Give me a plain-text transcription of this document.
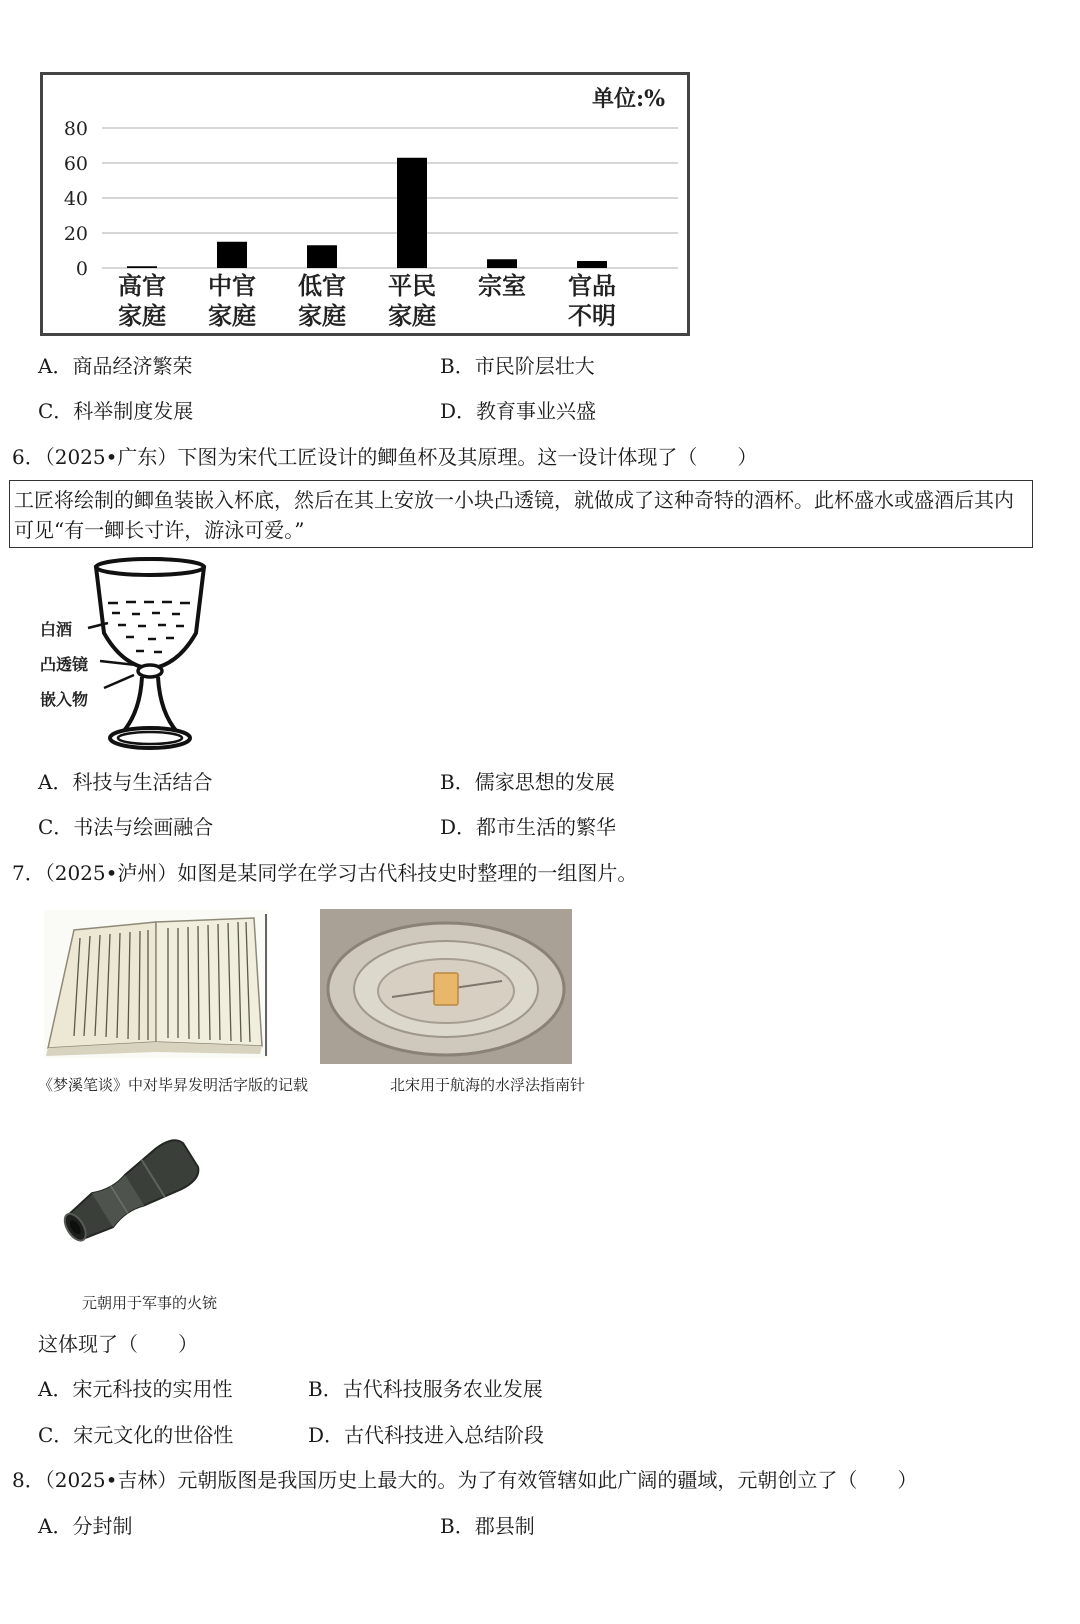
单位:%
0
20
40
60
80
高官
家庭
中官
家庭
低官
家庭
平民
家庭
宗室 官品
不明
A．商品经济繁荣	B．市民阶层壮大
C．科举制度发展	D．教育事业兴盛
6．（2025•广东）下图为宋代工匠设计的鲫鱼杯及其原理。这一设计体现了（　　）
工匠将绘制的鲫鱼装嵌入杯底，然后在其上安放一小块凸透镜，就做成了这种奇特的酒杯。此杯盛水或盛酒后其内
可见“有一鲫长寸许，游泳可爱。”
白酒
凸透镜
嵌入物
A．科技与生活结合	B．儒家思想的发展
C．书法与绘画融合	D．都市生活的繁华
7．（2025•泸州）如图是某同学在学习古代科技史时整理的一组图片。
《梦溪笔谈》中对毕昇发明活字版的记载	北宋用于航海的水浮法指南针
元朝用于军事的火铳
这体现了（　　）
A．宋元科技的实用性	B．古代科技服务农业发展
C．宋元文化的世俗性	D．古代科技进入总结阶段
8．（2025•吉林）元朝版图是我国历史上最大的。为了有效管辖如此广阔的疆域，元朝创立了（　　）
A．分封制	B．郡县制
